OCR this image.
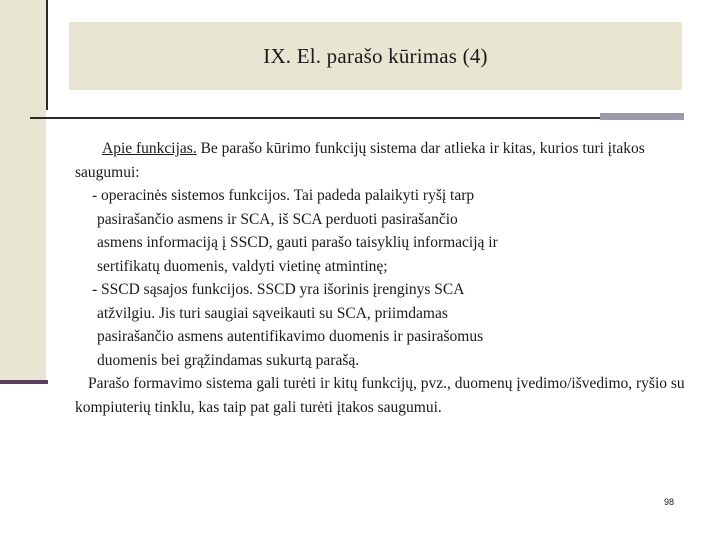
IX. El. parašo kūrimas (4)

Apie funkcijas. Be parašo kūrimo funkcijų sistema dar atlieka ir kitas, kurios turi įtakos saugumui:

- operacinės sistemos funkcijos. Tai padeda palaikyti ryšį tarp

pasirašančio asmens ir SCA, iš SCA perduoti pasirašančio

asmens informaciją į SSCD, gauti parašo taisyklių informaciją ir

sertifikatų duomenis, valdyti vietinę atmintinę;

- SSCD sąsajos funkcijos. SSCD yra išorinis įrenginys SCA

atžvilgiu. Jis turi saugiai sąveikauti su SCA, priimdamas

pasirašančio asmens autentifikavimo duomenis ir pasirašomus

duomenis bei grąžindamas sukurtą parašą.

Parašo formavimo sistema gali turėti ir kitų funkcijų, pvz., duomenų įvedimo/išvedimo, ryšio su kompiuterių tinklu, kas taip pat gali turėti įtakos saugumui.

98
